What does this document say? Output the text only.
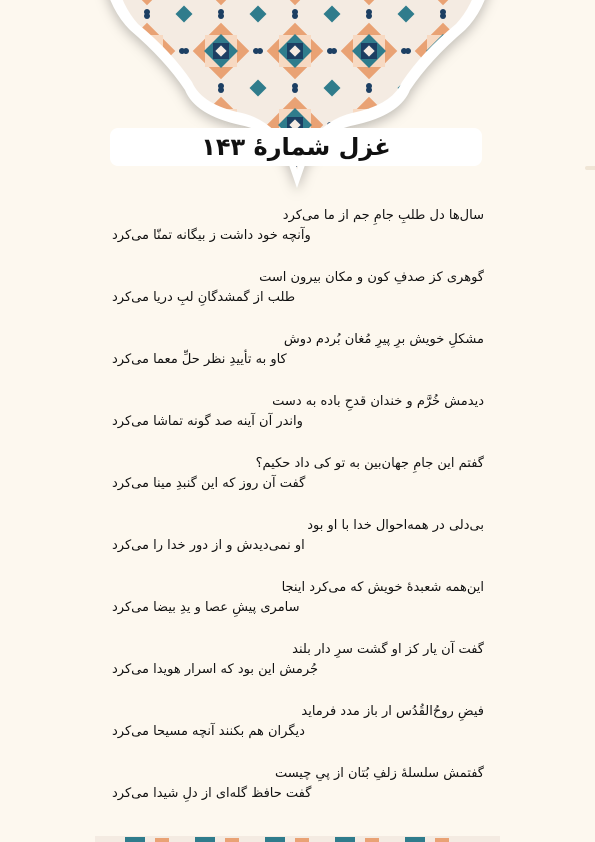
غزل شمارهٔ ۱۴۳
سال‌ها دل طلبِ جامِ جم از ما می‌کرد
وآنچه خود داشت ز بیگانه تمنّا می‌کرد
گوهری کز صدفِ کون و مکان بیرون است
طلب از گمشدگانِ لبِ دریا می‌کرد
مشکلِ خویش برِ پیرِ مُغان بُردم دوش
کاو به تأییدِ نظر حلِّ معما می‌کرد
دیدمش خُرَّم و خندان قدحِ باده به دست
واندر آن آینه صد گونه تماشا می‌کرد
گفتم این جامِ جهان‌بین به تو کی داد حکیم؟
گفت آن روز که این گنبدِ مینا می‌کرد
بی‌دلی در همه‌احوال خدا با او بود
او نمی‌دیدش و از دور خدا را می‌کرد
این‌همه شعبدهٔ خویش که می‌کرد اینجا
سامری پیشِ عصا و یدِ بیضا می‌کرد
گفت آن یار کز او گشت سرِ دار بلند
جُرمش این بود که اسرار هویدا می‌کرد
فیضِ روحُ‌القُدُس ار باز مدد فرماید
دیگران هم بکنند آنچه مسیحا می‌کرد
گفتمش سلسلهٔ زلفِ بُتان از پیِ چیست
گفت حافظ گله‌ای از دلِ شیدا می‌کرد
